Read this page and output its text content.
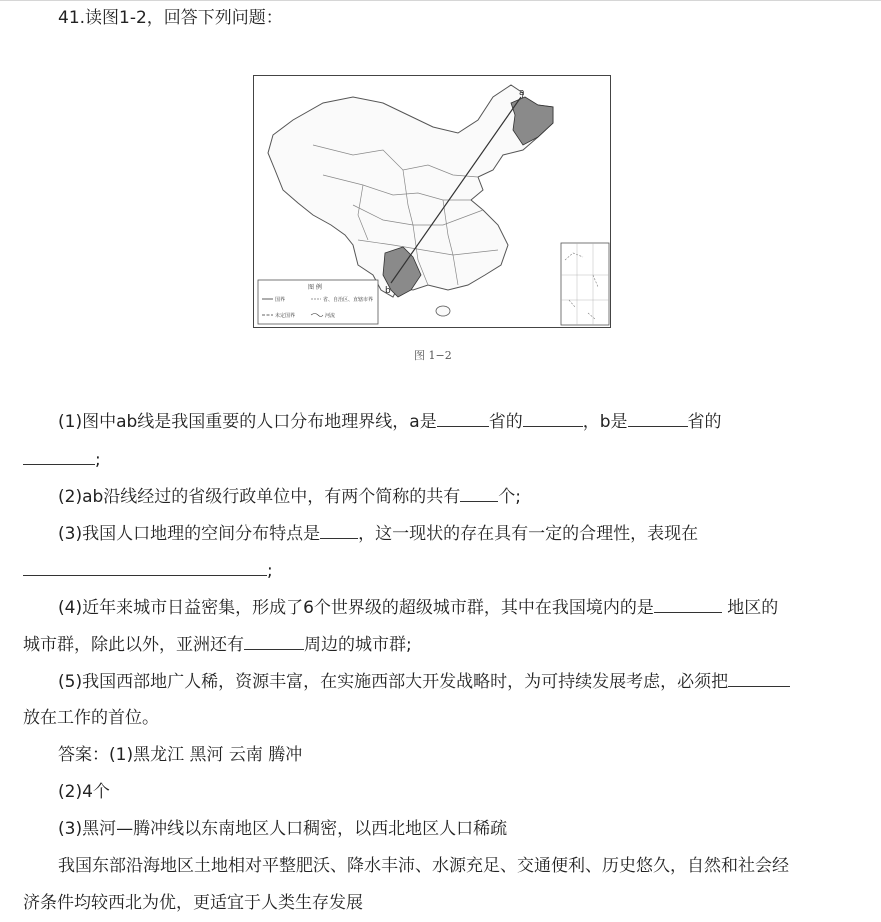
41.读图1-2，回答下列问题：
a
b
图 例
国界	省、自治区、直辖市界
未定国界	河流
图 1−2
(1)图中ab线是我国重要的人口分布地理界线，a是	省的	，b是	省的
;
(2)ab沿线经过的省级行政单位中，有两个简称的共有 个;
(3)我国人口地理的空间分布特点是 ，这一现状的存在具有一定的合理性，表现在
;
(4)近年来城市日益密集，形成了6个世界级的超级城市群，其中在我国境内的是	地区的
城市群，除此以外，亚洲还有	周边的城市群;
(5)我国西部地广人稀，资源丰富，在实施西部大开发战略时，为可持续发展考虑，必须把
放在工作的首位。
答案：(1)黑龙江 黑河 云南 腾冲
(2)4个
(3)黑河—腾冲线以东南地区人口稠密，以西北地区人口稀疏
我国东部沿海地区土地相对平整肥沃、降水丰沛、水源充足、交通便利、历史悠久，自然和社会经
济条件均较西北为优，更适宜于人类生存发展
